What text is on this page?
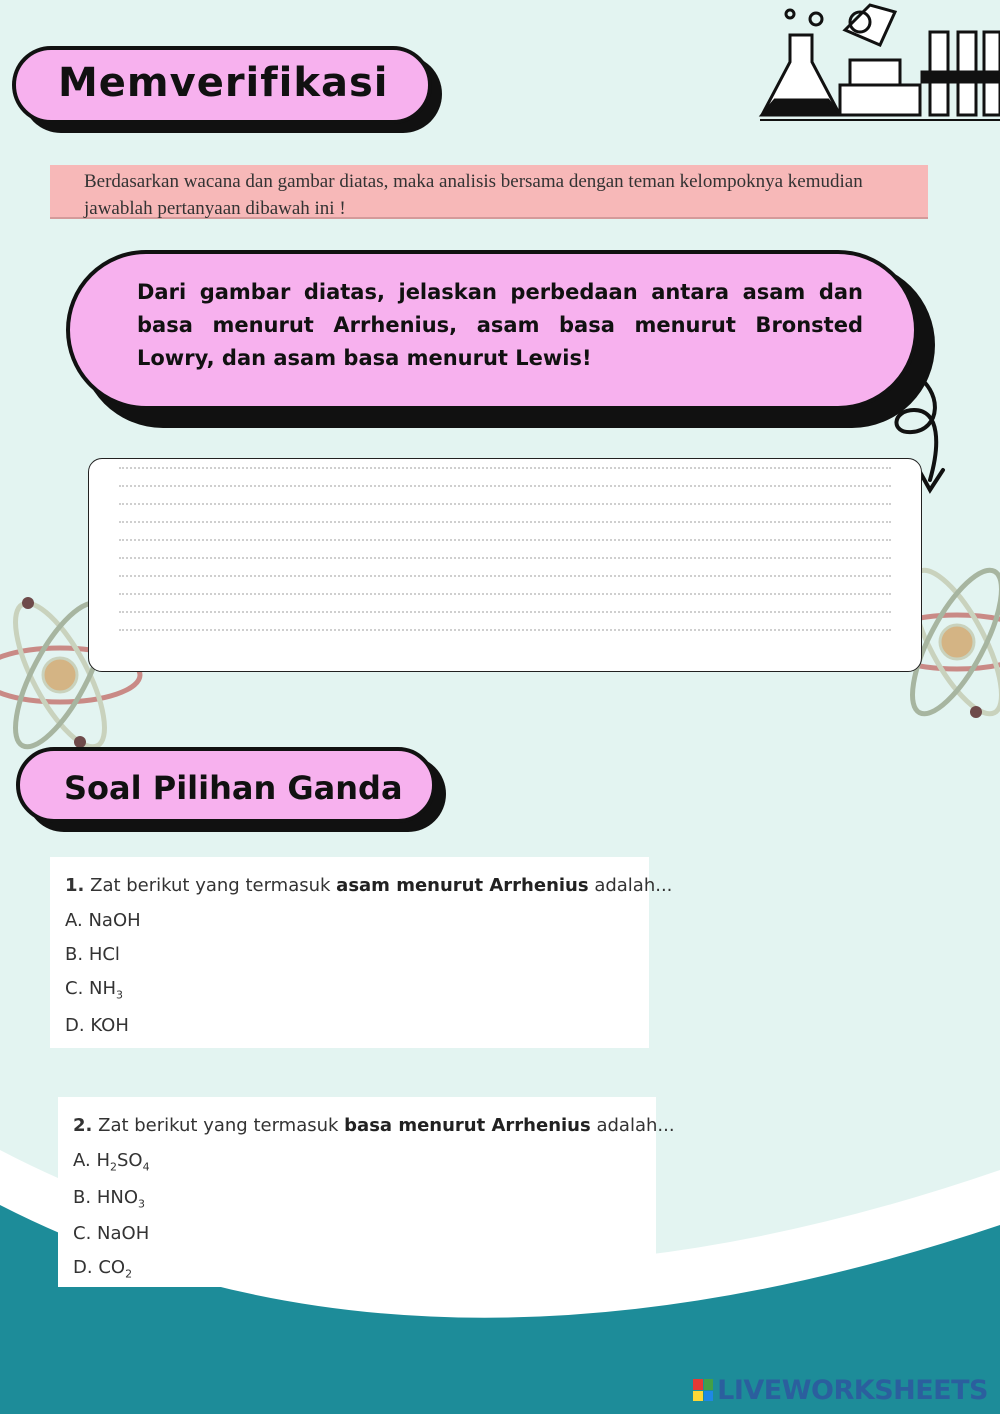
Memverifikasi
Berdasarkan wacana dan gambar diatas, maka analisis bersama dengan teman kelompoknya kemudian jawablah pertanyaan dibawah ini !
Dari gambar diatas, jelaskan perbedaan antara asam dan basa menurut Arrhenius, asam basa menurut Bronsted Lowry, dan asam basa menurut Lewis!
Soal Pilihan Ganda
1. Zat berikut yang termasuk asam menurut Arrhenius adalah...
A. NaOH
B. HCl
C. $NH_3$
D. KOH
2. Zat berikut yang termasuk basa menurut Arrhenius adalah...
A. $H_2SO_4$
B. $HNO_3$
C. NaOH
D. $CO_2$
LIVEWORKSHEETS
